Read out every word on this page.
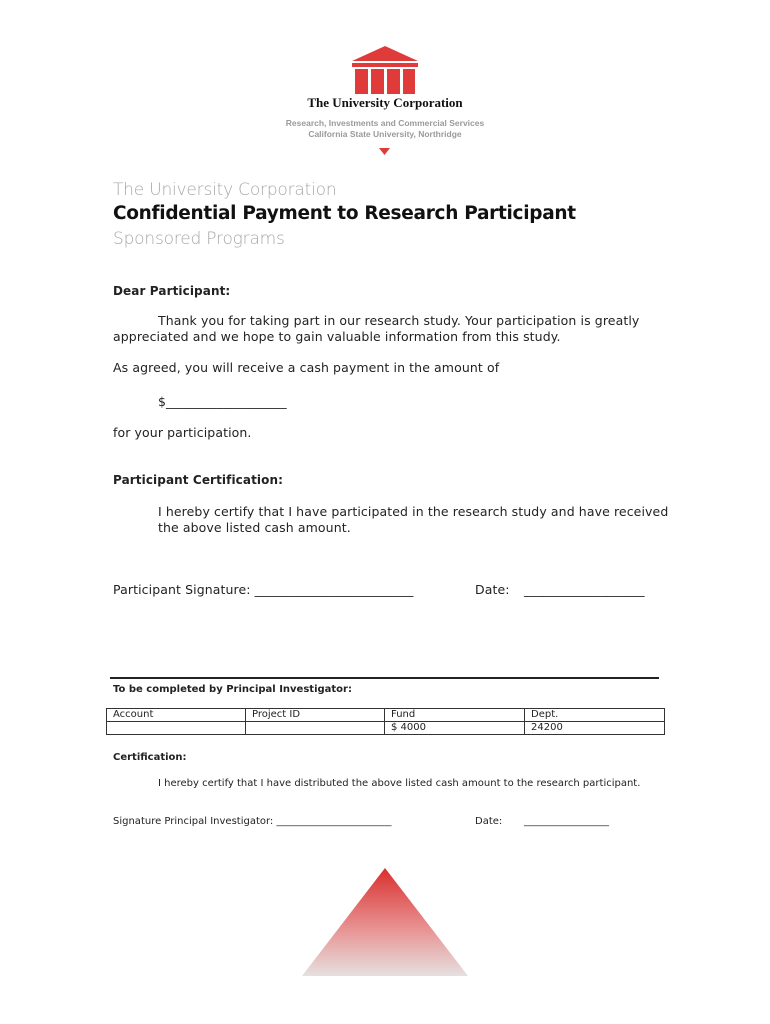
The University Corporation
Research, Investments and Commercial Services
California State University, Northridge
The University Corporation
Confidential Payment to Research Participant
Sponsored Programs
Dear Participant:
Thank you for taking part in our research study. Your participation is greatly
appreciated and we hope to gain valuable information from this study.
As agreed, you will receive a cash payment in the amount of
$___________________
for your participation.
Participant Certification:
I hereby certify that I have participated in the research study and have received
the above listed cash amount.
Participant Signature: _________________________	Date: ___________________
To be completed by Principal Investigator:
Account	Project ID	Fund	Dept.
		$ 4000	24200
Certification:
I hereby certify that I have distributed the above listed cash amount to the research participant.
Signature Principal Investigator: _______________________	Date: _________________
